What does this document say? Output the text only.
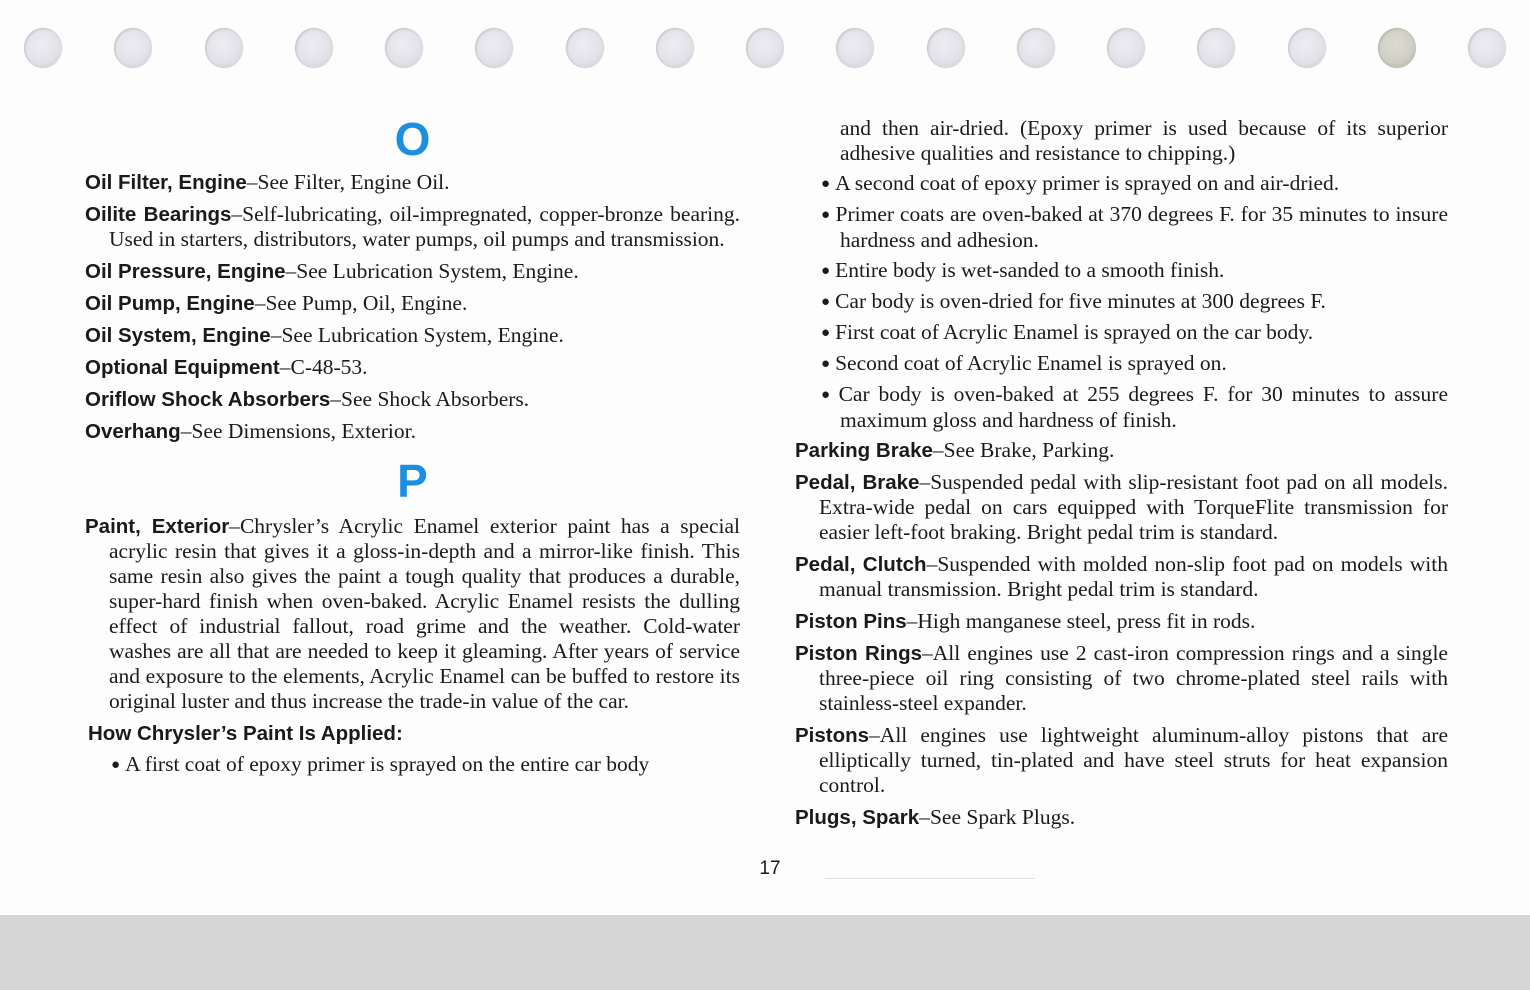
O

Oil Filter, Engine–See Filter, Engine Oil.

Oilite Bearings–Self-lubricating, oil-impregnated, copper-bronze bearing. Used in starters, distributors, water pumps, oil pumps and transmission.

Oil Pressure, Engine–See Lubrication System, Engine.

Oil Pump, Engine–See Pump, Oil, Engine.

Oil System, Engine–See Lubrication System, Engine.

Optional Equipment–C-48-53.

Oriflow Shock Absorbers–See Shock Absorbers.

Overhang–See Dimensions, Exterior.

P

Paint, Exterior–Chrysler’s Acrylic Enamel exterior paint has a special acrylic resin that gives it a gloss-in-depth and a mirror-like finish. This same resin also gives the paint a tough quality that produces a durable, super-hard finish when oven-baked. Acrylic Enamel resists the dulling effect of industrial fallout, road grime and the weather. Cold-water washes are all that are needed to keep it gleaming. After years of service and exposure to the elements, Acrylic Enamel can be buffed to restore its original luster and thus increase the trade-in value of the car.

How Chrysler’s Paint Is Applied:
● A first coat of epoxy primer is sprayed on the entire car body

and then air-dried. (Epoxy primer is used because of its superior adhesive qualities and resistance to chipping.)

● A second coat of epoxy primer is sprayed on and air-dried.
● Primer coats are oven-baked at 370 degrees F. for 35 minutes to insure hardness and adhesion.
● Entire body is wet-sanded to a smooth finish.
● Car body is oven-dried for five minutes at 300 degrees F.
● First coat of Acrylic Enamel is sprayed on the car body.
● Second coat of Acrylic Enamel is sprayed on.
● Car body is oven-baked at 255 degrees F. for 30 minutes to assure maximum gloss and hardness of finish.

Parking Brake–See Brake, Parking.

Pedal, Brake–Suspended pedal with slip-resistant foot pad on all models. Extra-wide pedal on cars equipped with TorqueFlite transmission for easier left-foot braking. Bright pedal trim is standard.

Pedal, Clutch–Suspended with molded non-slip foot pad on models with manual transmission. Bright pedal trim is standard.

Piston Pins–High manganese steel, press fit in rods.

Piston Rings–All engines use 2 cast-iron compression rings and a single three-piece oil ring consisting of two chrome-plated steel rails with stainless-steel expander.

Pistons–All engines use lightweight aluminum-alloy pistons that are elliptically turned, tin-plated and have steel struts for heat expansion control.

Plugs, Spark–See Spark Plugs.

17
